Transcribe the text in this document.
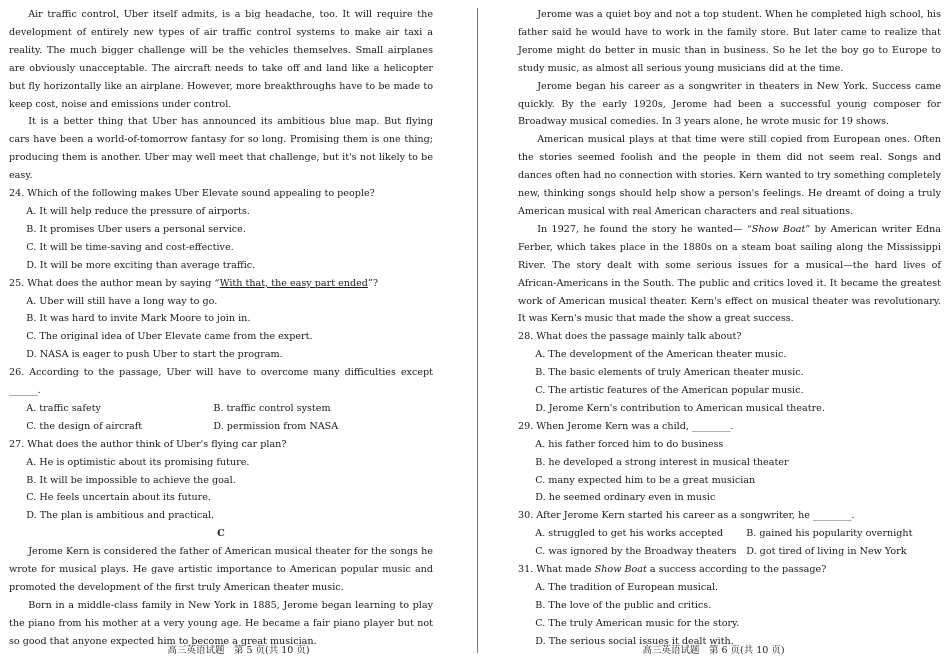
Air traffic control, Uber itself admits, is a big headache, too. It will require the development of entirely new types of air traffic control systems to make air taxi a reality. The much bigger challenge will be the vehicles themselves. Small airplanes are obviously unacceptable. The aircraft needs to take off and land like a helicopter but fly horizontally like an airplane. However, more breakthroughs have to be made to keep cost, noise and emissions under control.

It is a better thing that Uber has announced its ambitious blue map. But flying cars have been a world-of-tomorrow fantasy for so long. Promising them is one thing; producing them is another. Uber may well meet that challenge, but it's not likely to be easy.

24. Which of the following makes Uber Elevate sound appealing to people?

A. It will help reduce the pressure of airports.

B. It promises Uber users a personal service.

C. It will be time-saving and cost-effective.

D. It will be more exciting than average traffic.

25. What does the author mean by saying “With that, the easy part ended”?

A. Uber will still have a long way to go.

B. It was hard to invite Mark Moore to join in.

C. The original idea of Uber Elevate came from the expert.

D. NASA is eager to push Uber to start the program.

26. According to the passage, Uber will have to overcome many difficulties except ______.

A. traffic safety	B. traffic control system

C. the design of aircraft	D. permission from NASA

27. What does the author think of Uber's flying car plan?

A. He is optimistic about its promising future.

B. It will be impossible to achieve the goal.

C. He feels uncertain about its future.

D. The plan is ambitious and practical.

C

Jerome Kern is considered the father of American musical theater for the songs he wrote for musical plays. He gave artistic importance to American popular music and promoted the development of the first truly American theater music.

Born in a middle-class family in New York in 1885, Jerome began learning to play the piano from his mother at a very young age. He became a fair piano player but not so good that anyone expected him to become a great musician.

Jerome was a quiet boy and not a top student. When he completed high school, his father said he would have to work in the family store. But later came to realize that Jerome might do better in music than in business. So he let the boy go to Europe to study music, as almost all serious young musicians did at the time.

Jerome began his career as a songwriter in theaters in New York. Success came quickly. By the early 1920s, Jerome had been a successful young composer for Broadway musical comedies. In 3 years alone, he wrote music for 19 shows.

American musical plays at that time were still copied from European ones. Often the stories seemed foolish and the people in them did not seem real. Songs and dances often had no connection with stories. Kern wanted to try something completely new, thinking songs should help show a person's feelings. He dreamt of doing a truly American musical with real American characters and real situations.

In 1927, he found the story he wanted— “Show Boat” by American writer Edna Ferber, which takes place in the 1880s on a steam boat sailing along the Mississippi River. The story dealt with some serious issues for a musical—the hard lives of African-Americans in the South. The public and critics loved it. It became the greatest work of American musical theater. Kern's effect on musical theater was revolutionary. It was Kern's music that made the show a great success.

28. What does the passage mainly talk about?

A. The development of the American theater music.

B. The basic elements of truly American theater music.

C. The artistic features of the American popular music.

D. Jerome Kern's contribution to American musical theatre.

29. When Jerome Kern was a child, ________.

A. his father forced him to do business

B. he developed a strong interest in musical theater

C. many expected him to be a great musician

D. he seemed ordinary even in music

30. After Jerome Kern started his career as a songwriter, he ________.

A. struggled to get his works accepted	B. gained his popularity overnight

C. was ignored by the Broadway theaters	D. got tired of living in New York

31. What made Show Boat a success according to the passage?

A. The tradition of European musical.

B. The love of the public and critics.

C. The truly American music for the story.

D. The serious social issues it dealt with.

高三英语试题　第 5 页(共 10 页)	高三英语试题　第 6 页(共 10 页)
